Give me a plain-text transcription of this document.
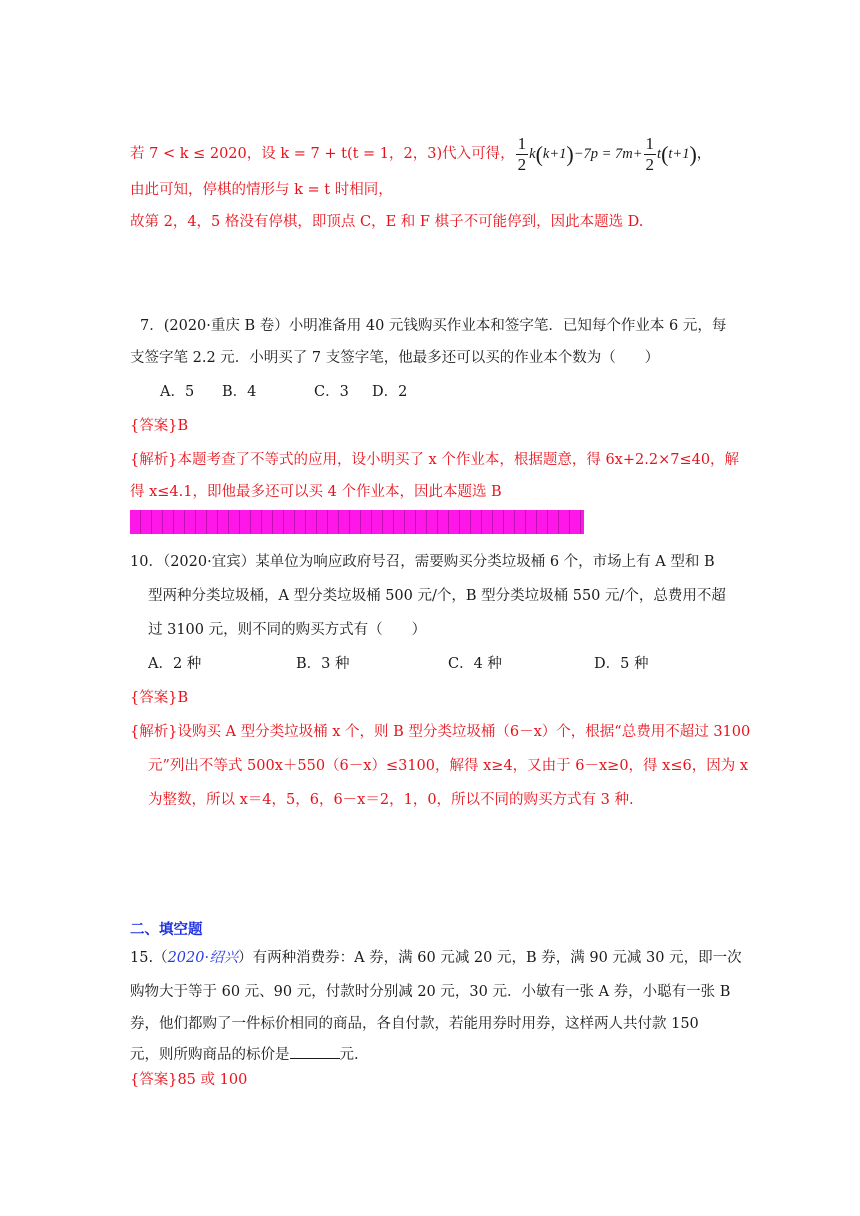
若 7 < k ≤ 2020，设 k = 7 + t(t = 1，2，3)代入可得， $\frac{1}{2} k(k+1)-7p = 7m+ \frac{1}{2} t(t+1)$，
由此可知，停棋的情形与 k = t 时相同，
故第 2，4，5 格没有停棋，即顶点 C，E 和 F 棋子不可能停到，因此本题选 D.
7．(2020·重庆 B 卷）小明准备用 40 元钱购买作业本和签字笔．已知每个作业本 6 元，每
支签字笔 2.2 元．小明买了 7 支签字笔，他最多还可以买的作业本个数为（　　）
A．5 B．4	C．3 D．2
{答案}B
{解析}本题考查了不等式的应用，设小明买了 x 个作业本，根据题意，得 6x+2.2×7≤40，解
得 x≤4.1，即他最多还可以买 4 个作业本，因此本题选 B
10．（2020·宜宾）某单位为响应政府号召，需要购买分类垃圾桶 6 个，市场上有 A 型和 B
型两种分类垃圾桶，A 型分类垃圾桶 500 元/个，B 型分类垃圾桶 550 元/个，总费用不超
过 3100 元，则不同的购买方式有（　　）
A．2 种	B．3 种	C．4 种	D．5 种
{答案}B
{解析}设购买 A 型分类垃圾桶 x 个，则 B 型分类垃圾桶（6－x）个，根据“总费用不超过 3100
元”列出不等式 500x＋550（6－x）≤3100，解得 x≥4，又由于 6－x≥0，得 x≤6，因为 x
为整数，所以 x＝4，5，6，6－x＝2，1，0，所以不同的购买方式有 3 种.
二、填空题
15.（2020·绍兴）有两种消费券：A 券，满 60 元减 20 元，B 券，满 90 元减 30 元，即一次
购物大于等于 60 元、90 元，付款时分别减 20 元，30 元．小敏有一张 A 券，小聪有一张 B
券，他们都购了一件标价相同的商品，各自付款，若能用券时用券，这样两人共付款 150
元，则所购商品的标价是	元.
{答案}85 或 100
